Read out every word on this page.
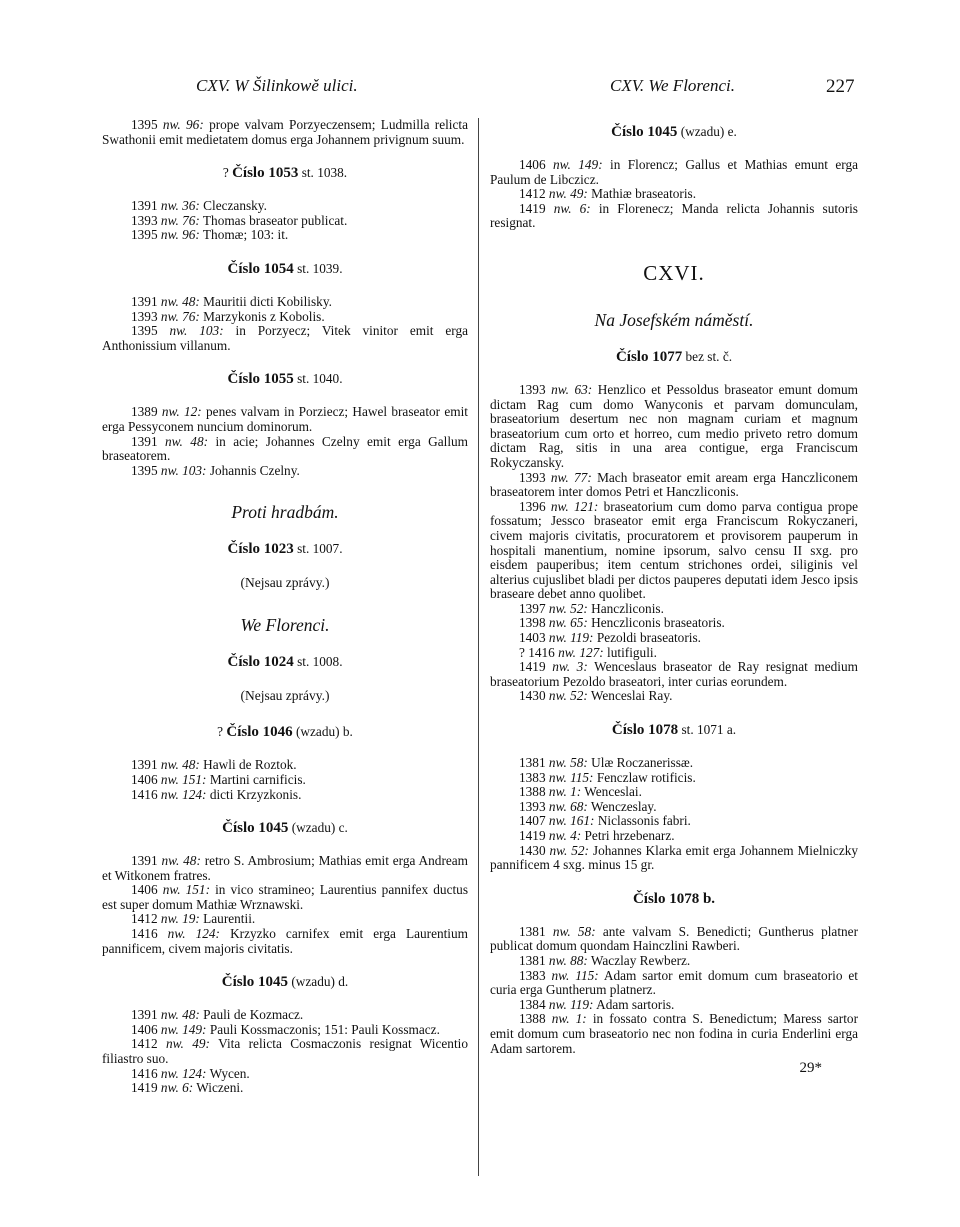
CXV. W Šilinkowě ulici.	CXV. We Florenci.	227

1395 nw. 96: prope valvam Porzyeczensem; Ludmilla relicta Swathonii emit medietatem domus erga Johannem privignum suum.

? Číslo 1053 st. 1038.

1391 nw. 36: Cleczansky.

1393 nw. 76: Thomas braseator publicat.

1395 nw. 96: Thomæ; 103: it.

Číslo 1054 st. 1039.

1391 nw. 48: Mauritii dicti Kobilisky.

1393 nw. 76: Marzykonis z Kobolis.

1395 nw. 103: in Porzyecz; Vitek vinitor emit erga Anthonissium villanum.

Číslo 1055 st. 1040.

1389 nw. 12: penes valvam in Porziecz; Hawel braseator emit erga Pessyconem nuncium dominorum.

1391 nw. 48: in acie; Johannes Czelny emit erga Gallum braseatorem.

1395 nw. 103: Johannis Czelny.

Proti hradbám.
Číslo 1023 st. 1007.
(Nejsau zprávy.)
We Florenci.
Číslo 1024 st. 1008.
(Nejsau zprávy.)
? Číslo 1046 (wzadu) b.

1391 nw. 48: Hawli de Roztok.

1406 nw. 151: Martini carnificis.

1416 nw. 124: dicti Krzyzkonis.

Číslo 1045 (wzadu) c.

1391 nw. 48: retro S. Ambrosium; Mathias emit erga Andream et Witkonem fratres.

1406 nw. 151: in vico stramineo; Laurentius pannifex ductus est super domum Mathiæ Wrznawski.

1412 nw. 19: Laurentii.

1416 nw. 124: Krzyzko carnifex emit erga Laurentium pannificem, civem majoris civitatis.

Číslo 1045 (wzadu) d.

1391 nw. 48: Pauli de Kozmacz.

1406 nw. 149: Pauli Kossmaczonis; 151: Pauli Kossmacz.

1412 nw. 49: Vita relicta Cosmaczonis resignat Wicentio filiastro suo.

1416 nw. 124: Wycen.

1419 nw. 6: Wiczeni.

Číslo 1045 (wzadu) e.

1406 nw. 149: in Florencz; Gallus et Mathias emunt erga Paulum de Libczicz.

1412 nw. 49: Mathiæ braseatoris.

1419 nw. 6: in Florenecz; Manda relicta Johannis sutoris resignat.

CXVI.
Na Josefském náměstí.
Číslo 1077 bez st. č.

1393 nw. 63: Henzlico et Pessoldus braseator emunt domum dictam Rag cum domo Wanyconis et parvam domunculam, braseatorium desertum nec non magnam curiam et magnum braseatorium cum orto et horreo, cum medio priveto retro domum dictam Rag, sitis in una area contigue, erga Franciscum Rokyczansky.

1393 nw. 77: Mach braseator emit aream erga Hanczliconem braseatorem inter domos Petri et Hanczliconis.

1396 nw. 121: braseatorium cum domo parva contigua prope fossatum; Jessco braseator emit erga Franciscum Rokyczaneri, civem majoris civitatis, procuratorem et provisorem pauperum in hospitali manentium, nomine ipsorum, salvo censu II sxg. pro eisdem pauperibus; item centum strichones ordei, siliginis vel alterius cujuslibet bladi per dictos pauperes deputati idem Jesco ipsis braseare debet anno quolibet.

1397 nw. 52: Hanczliconis.

1398 nw. 65: Henczliconis braseatoris.

1403 nw. 119: Pezoldi braseatoris.

? 1416 nw. 127: lutifiguli.

1419 nw. 3: Wenceslaus braseator de Ray resignat medium braseatorium Pezoldo braseatori, inter curias eorundem.

1430 nw. 52: Wenceslai Ray.

Číslo 1078 st. 1071 a.

1381 nw. 58: Ulæ Roczanerissæ.

1383 nw. 115: Fenczlaw rotificis.

1388 nw. 1: Wenceslai.

1393 nw. 68: Wenczeslay.

1407 nw. 161: Niclassonis fabri.

1419 nw. 4: Petri hrzebenarz.

1430 nw. 52: Johannes Klarka emit erga Johannem Mielniczky pannificem 4 sxg. minus 15 gr.

Číslo 1078 b.

1381 nw. 58: ante valvam S. Benedicti; Guntherus platner publicat domum quondam Hainczlini Rawberi.

1381 nw. 88: Waczlay Rewberz.

1383 nw. 115: Adam sartor emit domum cum braseatorio et curia erga Guntherum platnerz.

1384 nw. 119: Adam sartoris.

1388 nw. 1: in fossato contra S. Benedictum; Maress sartor emit domum cum braseatorio nec non fodina in curia Enderlini erga Adam sartorem.

29*
